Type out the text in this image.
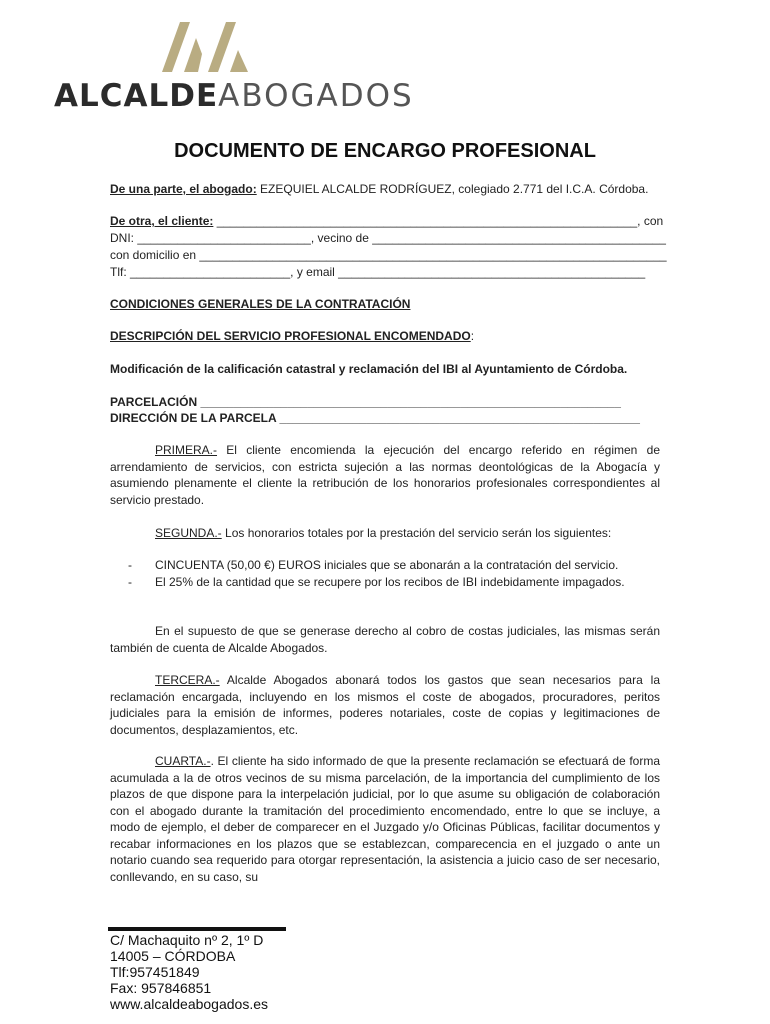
ALCALDEABOGADOS
DOCUMENTO DE ENCARGO PROFESIONAL
De una parte, el abogado: EZEQUIEL ALCALDE RODRÍGUEZ, colegiado 2.771 del I.C.A. Córdoba.
De otra, el cliente: _______________________________________________________________, con
DNI: __________________________, vecino de ____________________________________________
con domicilio en ______________________________________________________________________
Tlf: ________________________, y email ______________________________________________
CONDICIONES GENERALES DE LA CONTRATACIÓN
DESCRIPCIÓN DEL SERVICIO PROFESIONAL ENCOMENDADO:
Modificación de la calificación catastral y reclamación del IBI al Ayuntamiento de Córdoba.
PARCELACIÓN _______________________________________________________________
DIRECCIÓN DE LA PARCELA ______________________________________________________
PRIMERA.- El cliente encomienda la ejecución del encargo referido en régimen de arrendamiento de servicios, con estricta sujeción a las normas deontológicas de la Abogacía y asumiendo plenamente el cliente la retribución de los honorarios profesionales correspondientes al servicio prestado.
SEGUNDA.- Los honorarios totales por la prestación del servicio serán los siguientes:
- CINCUENTA (50,00 €) EUROS iniciales que se abonarán a la contratación del servicio.
- El 25% de la cantidad que se recupere por los recibos de IBI indebidamente impagados.
En el supuesto de que se generase derecho al cobro de costas judiciales, las mismas serán también de cuenta de Alcalde Abogados.
TERCERA.- Alcalde Abogados abonará todos los gastos que sean necesarios para la reclamación encargada, incluyendo en los mismos el coste de abogados, procuradores, peritos judiciales para la emisión de informes, poderes notariales, coste de copias y legitimaciones de documentos, desplazamientos, etc.
CUARTA.-. El cliente ha sido informado de que la presente reclamación se efectuará de forma acumulada a la de otros vecinos de su misma parcelación, de la importancia del cumplimiento de los plazos de que dispone para la interpelación judicial, por lo que asume su obligación de colaboración con el abogado durante la tramitación del procedimiento encomendado, entre lo que se incluye, a modo de ejemplo, el deber de comparecer en el Juzgado y/o Oficinas Públicas, facilitar documentos y recabar informaciones en los plazos que se establezcan, comparecencia en el juzgado o ante un notario cuando sea requerido para otorgar representación, la asistencia a juicio caso de ser necesario, conllevando, en su caso, su
C/ Machaquito nº 2, 1º D
14005 – CÓRDOBA
Tlf:957451849
Fax: 957846851
www.alcaldeabogados.es
